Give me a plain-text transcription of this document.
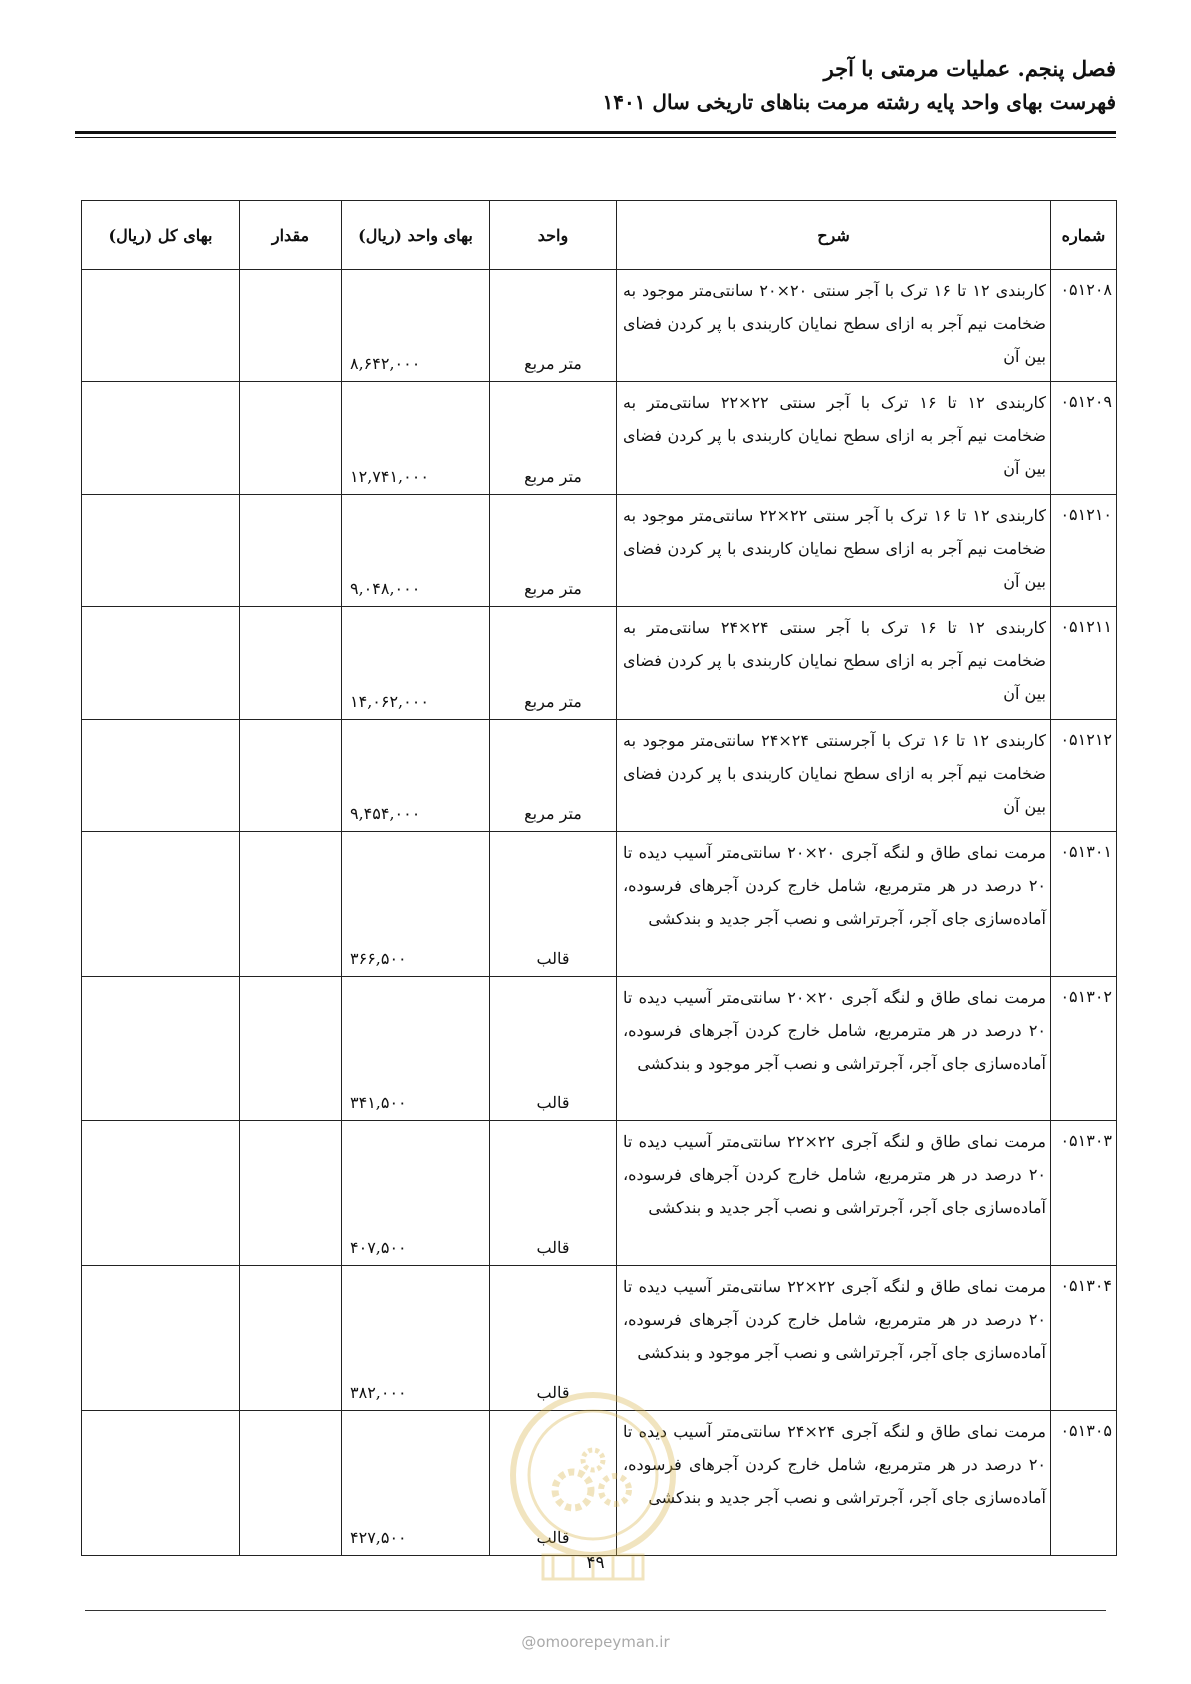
فصل پنجم. عملیات مرمتی با آجر
فهرست بهای واحد پایه رشته مرمت بناهای تاریخی سال ۱۴۰۱
شماره	شرح	واحد	بهای واحد (ریال)	مقدار	بهای کل (ریال)
۰۵۱۲۰۸	کاربندی ۱۲ تا ۱۶ ترک با آجر سنتی ۲۰×۲۰ سانتی‌متر موجود به ضخامت نیم آجر به ازای سطح نمایان کاربندی با پر کردن فضای بین آن	متر مربع	۸,۶۴۲,۰۰۰		
۰۵۱۲۰۹	کاربندی ۱۲ تا ۱۶ ترک با آجر سنتی ۲۲×۲۲ سانتی‌متر به ضخامت نیم آجر به ازای سطح نمایان کاربندی با پر کردن فضای بین آن	متر مربع	۱۲,۷۴۱,۰۰۰		
۰۵۱۲۱۰	کاربندی ۱۲ تا ۱۶ ترک با آجر سنتی ۲۲×۲۲ سانتی‌متر موجود به ضخامت نیم آجر به ازای سطح نمایان کاربندی با پر کردن فضای بین آن	متر مربع	۹,۰۴۸,۰۰۰		
۰۵۱۲۱۱	کاربندی ۱۲ تا ۱۶ ترک با آجر سنتی ۲۴×۲۴ سانتی‌متر به ضخامت نیم آجر به ازای سطح نمایان کاربندی با پر کردن فضای بین آن	متر مربع	۱۴,۰۶۲,۰۰۰		
۰۵۱۲۱۲	کاربندی ۱۲ تا ۱۶ ترک با آجرسنتی ۲۴×۲۴ سانتی‌متر موجود به ضخامت نیم آجر به ازای سطح نمایان کاربندی با پر کردن فضای بین آن	متر مربع	۹,۴۵۴,۰۰۰		
۰۵۱۳۰۱	مرمت نمای طاق و لنگه آجری ۲۰×۲۰ سانتی‌متر آسیب دیده تا ۲۰ درصد در هر مترمربع، شامل خارج کردن آجرهای فرسوده، آماده‌سازی جای آجر، آجرتراشی و نصب آجر جدید و بندکشی	قالب	۳۶۶,۵۰۰		
۰۵۱۳۰۲	مرمت نمای طاق و لنگه آجری ۲۰×۲۰ سانتی‌متر آسیب دیده تا ۲۰ درصد در هر مترمربع، شامل خارج کردن آجرهای فرسوده، آماده‌سازی جای آجر، آجرتراشی و نصب آجر موجود و بندکشی	قالب	۳۴۱,۵۰۰		
۰۵۱۳۰۳	مرمت نمای طاق و لنگه آجری ۲۲×۲۲ سانتی‌متر آسیب دیده تا ۲۰ درصد در هر مترمربع، شامل خارج کردن آجرهای فرسوده، آماده‌سازی جای آجر، آجرتراشی و نصب آجر جدید و بندکشی	قالب	۴۰۷,۵۰۰		
۰۵۱۳۰۴	مرمت نمای طاق و لنگه آجری ۲۲×۲۲ سانتی‌متر آسیب دیده تا ۲۰ درصد در هر مترمربع، شامل خارج کردن آجرهای فرسوده، آماده‌سازی جای آجر، آجرتراشی و نصب آجر موجود و بندکشی	قالب	۳۸۲,۰۰۰		
۰۵۱۳۰۵	مرمت نمای طاق و لنگه آجری ۲۴×۲۴ سانتی‌متر آسیب دیده تا ۲۰ درصد در هر مترمربع، شامل خارج کردن آجرهای فرسوده، آماده‌سازی جای آجر، آجرتراشی و نصب آجر جدید و بندکشی	قالب	۴۲۷,۵۰۰		
۴۹
@omoorepeyman.ir
